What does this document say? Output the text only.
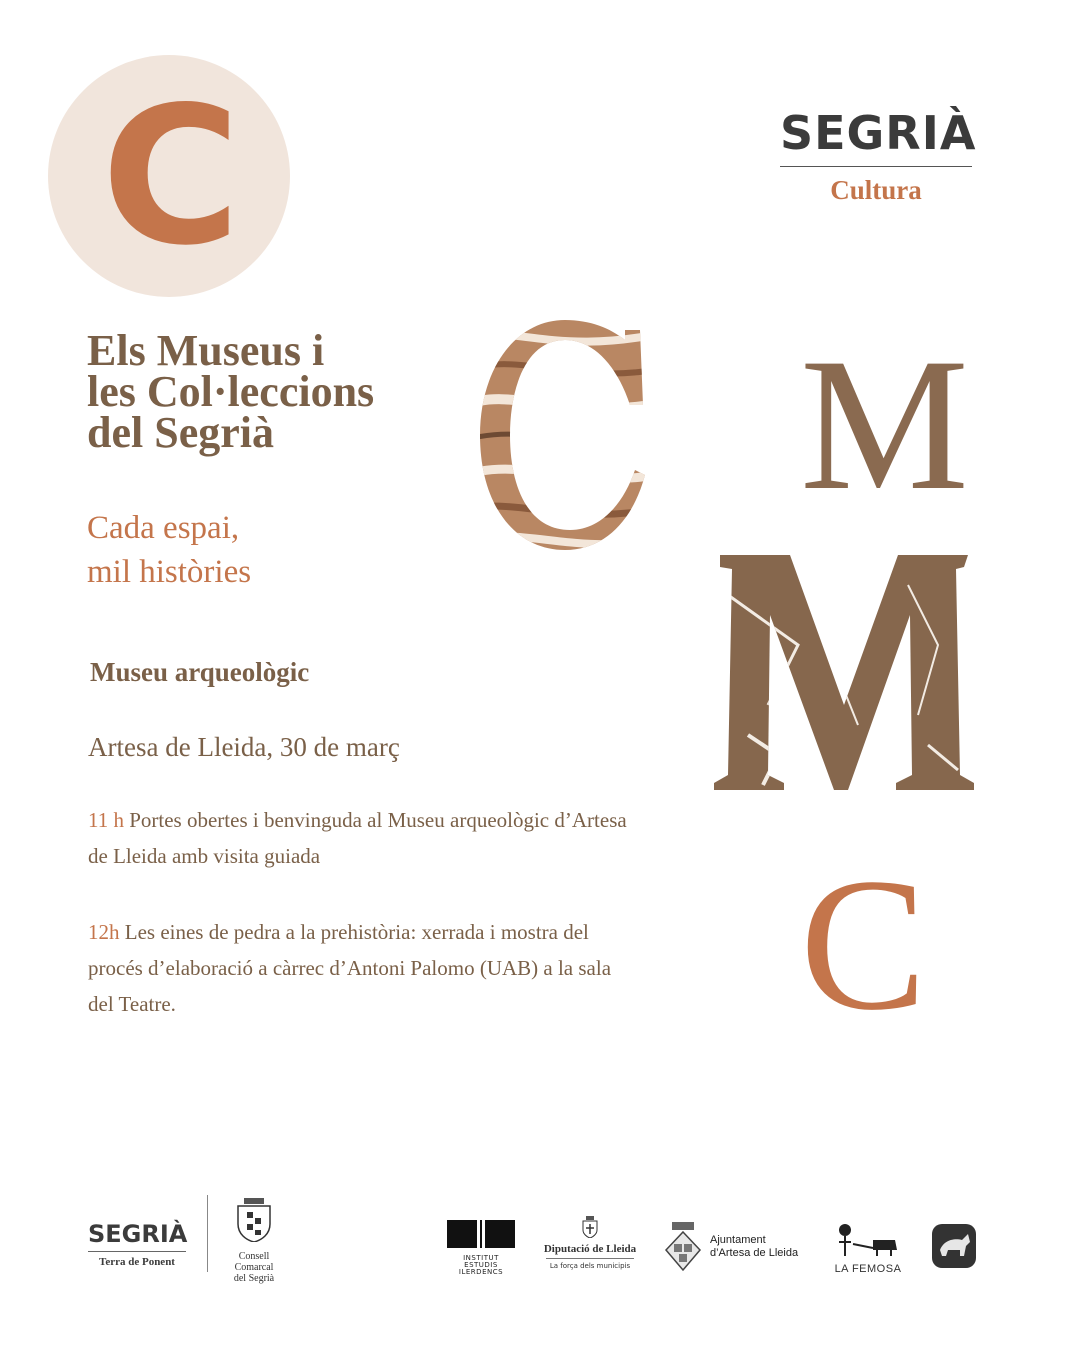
C	SEGRIÀ
Cultura
Els Museus i
les Col·leccions
del Segrià
Cada espai,
mil històries
Museu arqueològic
Artesa de Lleida, 30 de març
11 h Portes obertes i benvinguda al Museu arqueològic d’Artesa
de Lleida amb visita guiada
12h Les eines de pedra a la prehistòria: xerrada i mostra del
procés d’elaboració a càrrec d’Antoni Palomo (UAB) a la sala
del Teatre.
M
C
SEGRIÀ
Terra de Ponent	Consell Comarcal
del Segrià
INSTITUT
ESTUDIS
ILERDENCS
Diputació de Lleida
La força dels municipis
Ajuntament
d’Artesa de Lleida
LA FEMOSA
